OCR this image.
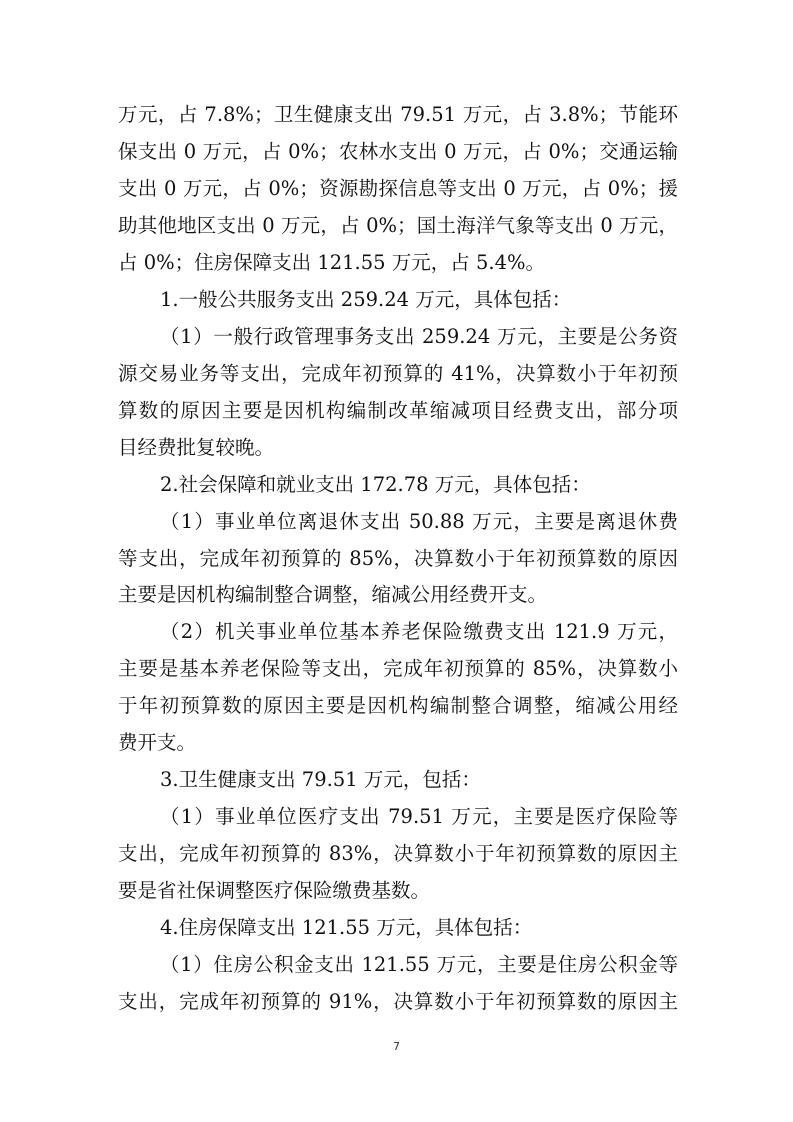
万元，占 7.8%；卫生健康支出 79.51 万元，占 3.8%；节能环
保支出 0 万元，占 0%；农林水支出 0 万元，占 0%；交通运输
支出 0 万元，占 0%；资源勘探信息等支出 0 万元，占 0%；援
助其他地区支出 0 万元，占 0%；国土海洋气象等支出 0 万元，
占 0%；住房保障支出 121.55 万元，占 5.4%。
1.一般公共服务支出 259.24 万元，具体包括：
（1）一般行政管理事务支出 259.24 万元，主要是公务资
源交易业务等支出，完成年初预算的 41%，决算数小于年初预
算数的原因主要是因机构编制改革缩减项目经费支出，部分项
目经费批复较晚。
2.社会保障和就业支出 172.78 万元，具体包括：
（1）事业单位离退休支出 50.88 万元，主要是离退休费
等支出，完成年初预算的 85%，决算数小于年初预算数的原因
主要是因机构编制整合调整，缩减公用经费开支。
（2）机关事业单位基本养老保险缴费支出 121.9 万元，
主要是基本养老保险等支出，完成年初预算的 85%，决算数小
于年初预算数的原因主要是因机构编制整合调整，缩减公用经
费开支。
3.卫生健康支出 79.51 万元，包括：
（1）事业单位医疗支出 79.51 万元，主要是医疗保险等
支出，完成年初预算的 83%，决算数小于年初预算数的原因主
要是省社保调整医疗保险缴费基数。
4.住房保障支出 121.55 万元，具体包括：
（1）住房公积金支出 121.55 万元，主要是住房公积金等
支出，完成年初预算的 91%，决算数小于年初预算数的原因主
7
